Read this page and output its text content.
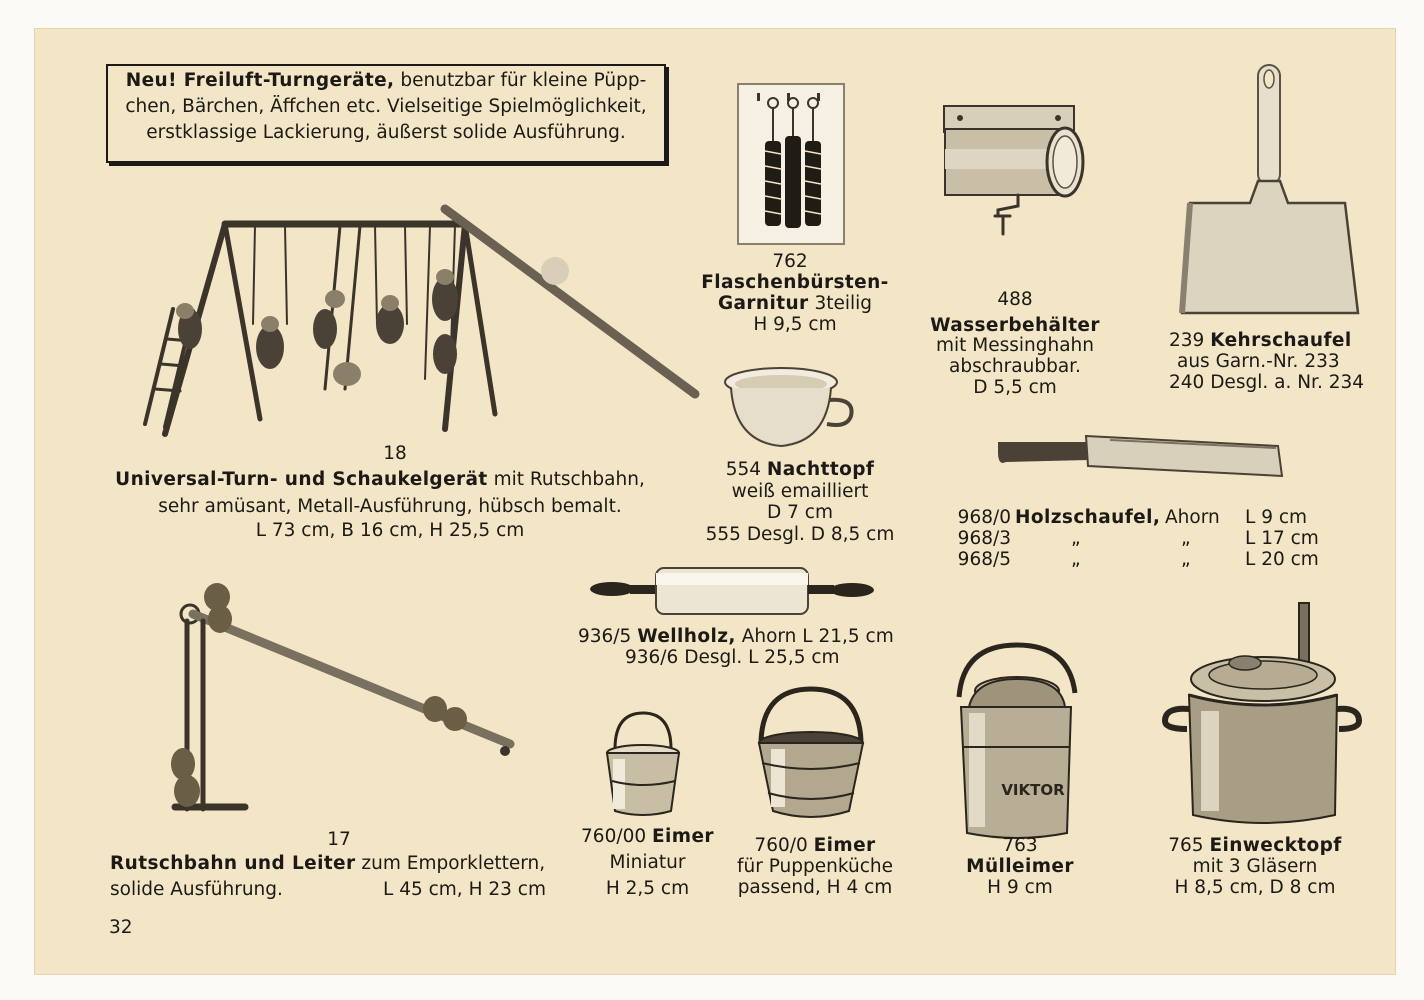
Neu! Freiluft-Turngeräte, benutzbar für kleine Püpp-

chen, Bärchen, Äffchen etc. Vielseitige Spielmöglichkeit,

erstklassige Lackierung, äußerst solide Ausführung.

18
Universal-Turn- und Schaukelgerät mit Rutschbahn,
sehr amüsant, Metall-Ausführung, hübsch bemalt.
L 73 cm, B 16 cm, H 25,5 cm
17
Rutschbahn und Leiter zum Emporklettern,
solide Ausführung.	L 45 cm, H 23 cm
762
Flaschenbürsten-
Garnitur 3teilig
H 9,5 cm
488
Wasserbehälter
mit Messinghahn
abschraubbar.
D 5,5 cm
239 Kehrschaufel
aus Garn.-Nr. 233
240 Desgl. a. Nr. 234
554 Nachttopf
weiß emailliert
D 7 cm
555 Desgl. D 8,5 cm
936/5 Wellholz, Ahorn L 21,5 cm
936/6 Desgl. L 25,5 cm
968/0 Holzschaufel, Ahorn L 9 cm
968/3	„	„	L 17 cm
968/5	„	„	L 20 cm
760/00 Eimer
Miniatur
H 2,5 cm
760/0 Eimer
für Puppenküche
passend, H 4 cm
VIKTOR
763
Mülleimer
H 9 cm
765 Einwecktopf
mit 3 Gläsern
H 8,5 cm, D 8 cm
32
